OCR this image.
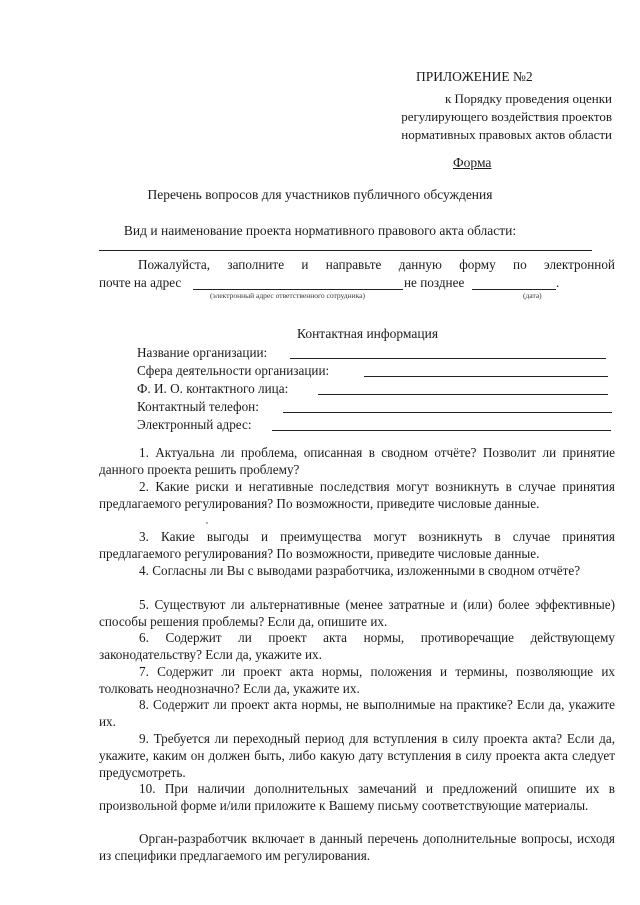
ПРИЛОЖЕНИЕ №2
к Порядку проведения оценки
регулирующего воздействия проектов
нормативных правовых актов области
Форма
Перечень вопросов для участников публичного обсуждения
Вид и наименование проекта нормативного правового акта области:
Пожалуйста, заполните и направьте данную форму по электронной
почте на адрес	не позднее	.
(электронный адрес ответственного сотрудника)	(дата)
Контактная информация
Название организации:
Сфера деятельности организации:
Ф. И. О. контактного лица:
Контактный телефон:
Электронный адрес:
1. Актуальна ли проблема, описанная в сводном отчёте? Позволит ли принятие данного проекта решить проблему?
2. Какие риски и негативные последствия могут возникнуть в случае принятия предлагаемого регулирования? По возможности, приведите числовые данные.
3. Какие выгоды и преимущества могут возникнуть в случае принятия предлагаемого регулирования? По возможности, приведите числовые данные.
4. Согласны ли Вы с выводами разработчика, изложенными в сводном отчёте?
5. Существуют ли альтернативные (менее затратные и (или) более эффективные) способы решения проблемы? Если да, опишите их.
6. Содержит ли проект акта нормы, противоречащие действующему законодательству? Если да, укажите их.
7. Содержит ли проект акта нормы, положения и термины, позволяющие их толковать неоднозначно? Если да, укажите их.
8. Содержит ли проект акта нормы, не выполнимые на практике? Если да, укажите их.
9. Требуется ли переходный период для вступления в силу проекта акта? Если да, укажите, каким он должен быть, либо какую дату вступления в силу проекта акта следует предусмотреть.
10. При наличии дополнительных замечаний и предложений опишите их в произвольной форме и/или приложите к Вашему письму соответствующие материалы.
Орган-разработчик включает в данный перечень дополнительные вопросы, исходя из специфики предлагаемого им регулирования.
